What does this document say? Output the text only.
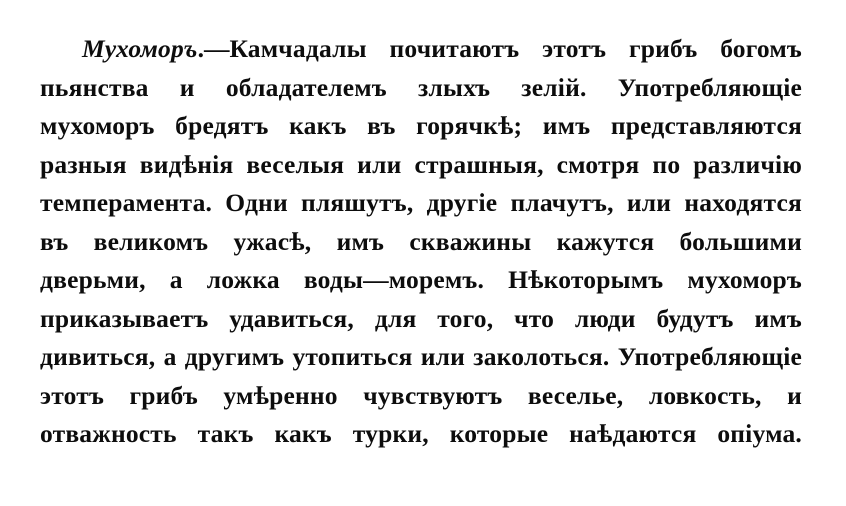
Мухоморъ.—Камчадалы почитаютъ этотъ грибъ богомъ пьянства и обладателемъ злыхъ зелій. Употребляющіе мухоморъ бредятъ какъ въ горячкѣ; имъ представляются разныя видѣнія веселыя или страшныя, смотря по различію темперамента. Одни пляшутъ, другіе плачутъ, или находятся въ великомъ ужасѣ, имъ скважины кажутся большими дверьми, а ложка воды—моремъ. Нѣкоторымъ мухоморъ приказываетъ удавиться, для того, что люди будутъ имъ дивиться, а другимъ утопиться или заколоться. Употребляющіе этотъ грибъ умѣренно чувствуютъ веселье, ловкость, и отважность такъ какъ турки, которые наѣдаются опіума.
